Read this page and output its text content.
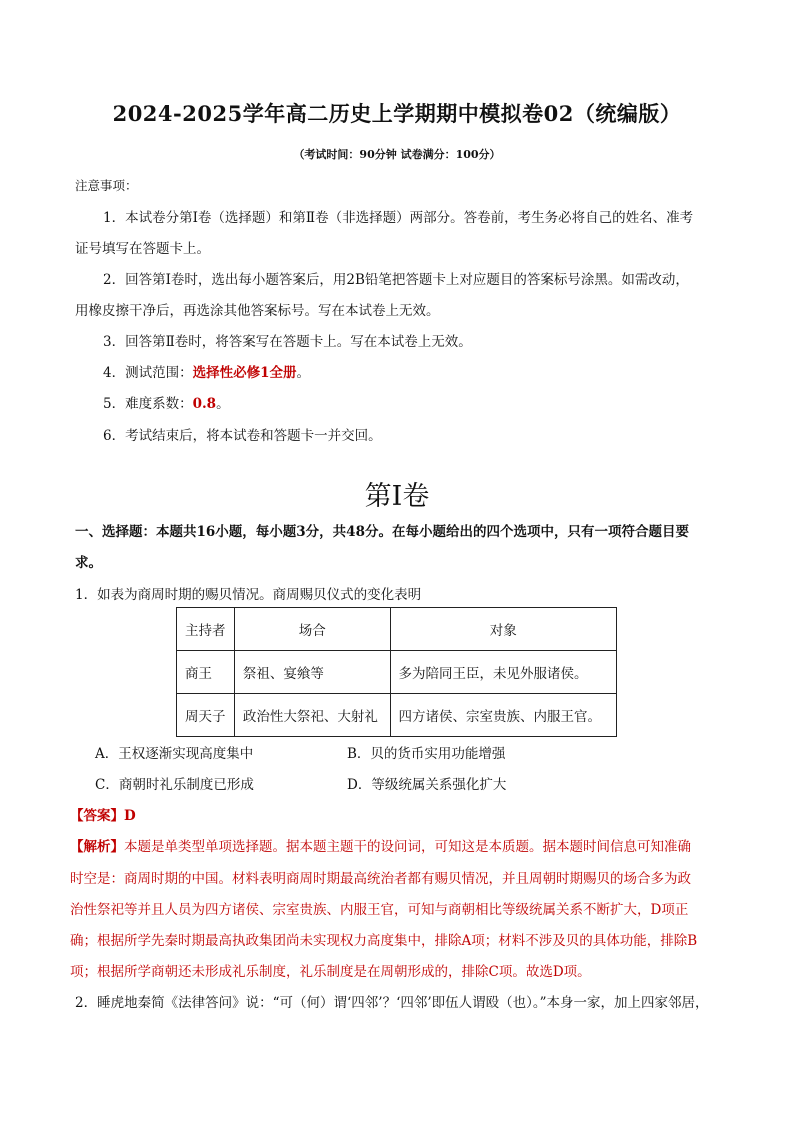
2024-2025学年高二历史上学期期中模拟卷02（统编版）
（考试时间：90分钟 试卷满分：100分）
注意事项：
1．本试卷分第Ⅰ卷（选择题）和第Ⅱ卷（非选择题）两部分。答卷前，考生务必将自己的姓名、准考
证号填写在答题卡上。
2．回答第Ⅰ卷时，选出每小题答案后，用2B铅笔把答题卡上对应题目的答案标号涂黑。如需改动，
用橡皮擦干净后，再选涂其他答案标号。写在本试卷上无效。
3．回答第Ⅱ卷时，将答案写在答题卡上。写在本试卷上无效。
4．测试范围：选择性必修1全册。
5．难度系数：0.8。
6．考试结束后，将本试卷和答题卡一并交回。
第Ⅰ卷
一、选择题：本题共16小题，每小题3分，共48分。在每小题给出的四个选项中，只有一项符合题目要
求。
1．如表为商周时期的赐贝情况。商周赐贝仪式的变化表明
主持者	场合	对象
商王	祭祖、宴飨等	多为陪同王臣，未见外服诸侯。
周天子	政治性大祭祀、大射礼	四方诸侯、宗室贵族、内服王官。
A．王权逐渐实现高度集中	B．贝的货币实用功能增强
C．商朝时礼乐制度已形成	D．等级统属关系强化扩大
【答案】D
【解析】本题是单类型单项选择题。据本题主题干的设问词，可知这是本质题。据本题时间信息可知准确
时空是：商周时期的中国。材料表明商周时期最高统治者都有赐贝情况，并且周朝时期赐贝的场合多为政
治性祭祀等并且人员为四方诸侯、宗室贵族、内服王官，可知与商朝相比等级统属关系不断扩大，D项正
确；根据所学先秦时期最高执政集团尚未实现权力高度集中，排除A项；材料不涉及贝的具体功能，排除B
项；根据所学商朝还未形成礼乐制度，礼乐制度是在周朝形成的，排除C项。故选D项。
2．睡虎地秦简《法律答问》说：“可（何）谓‘四邻’？‘四邻’即伍人谓殴（也）。”本身一家，加上四家邻居，
